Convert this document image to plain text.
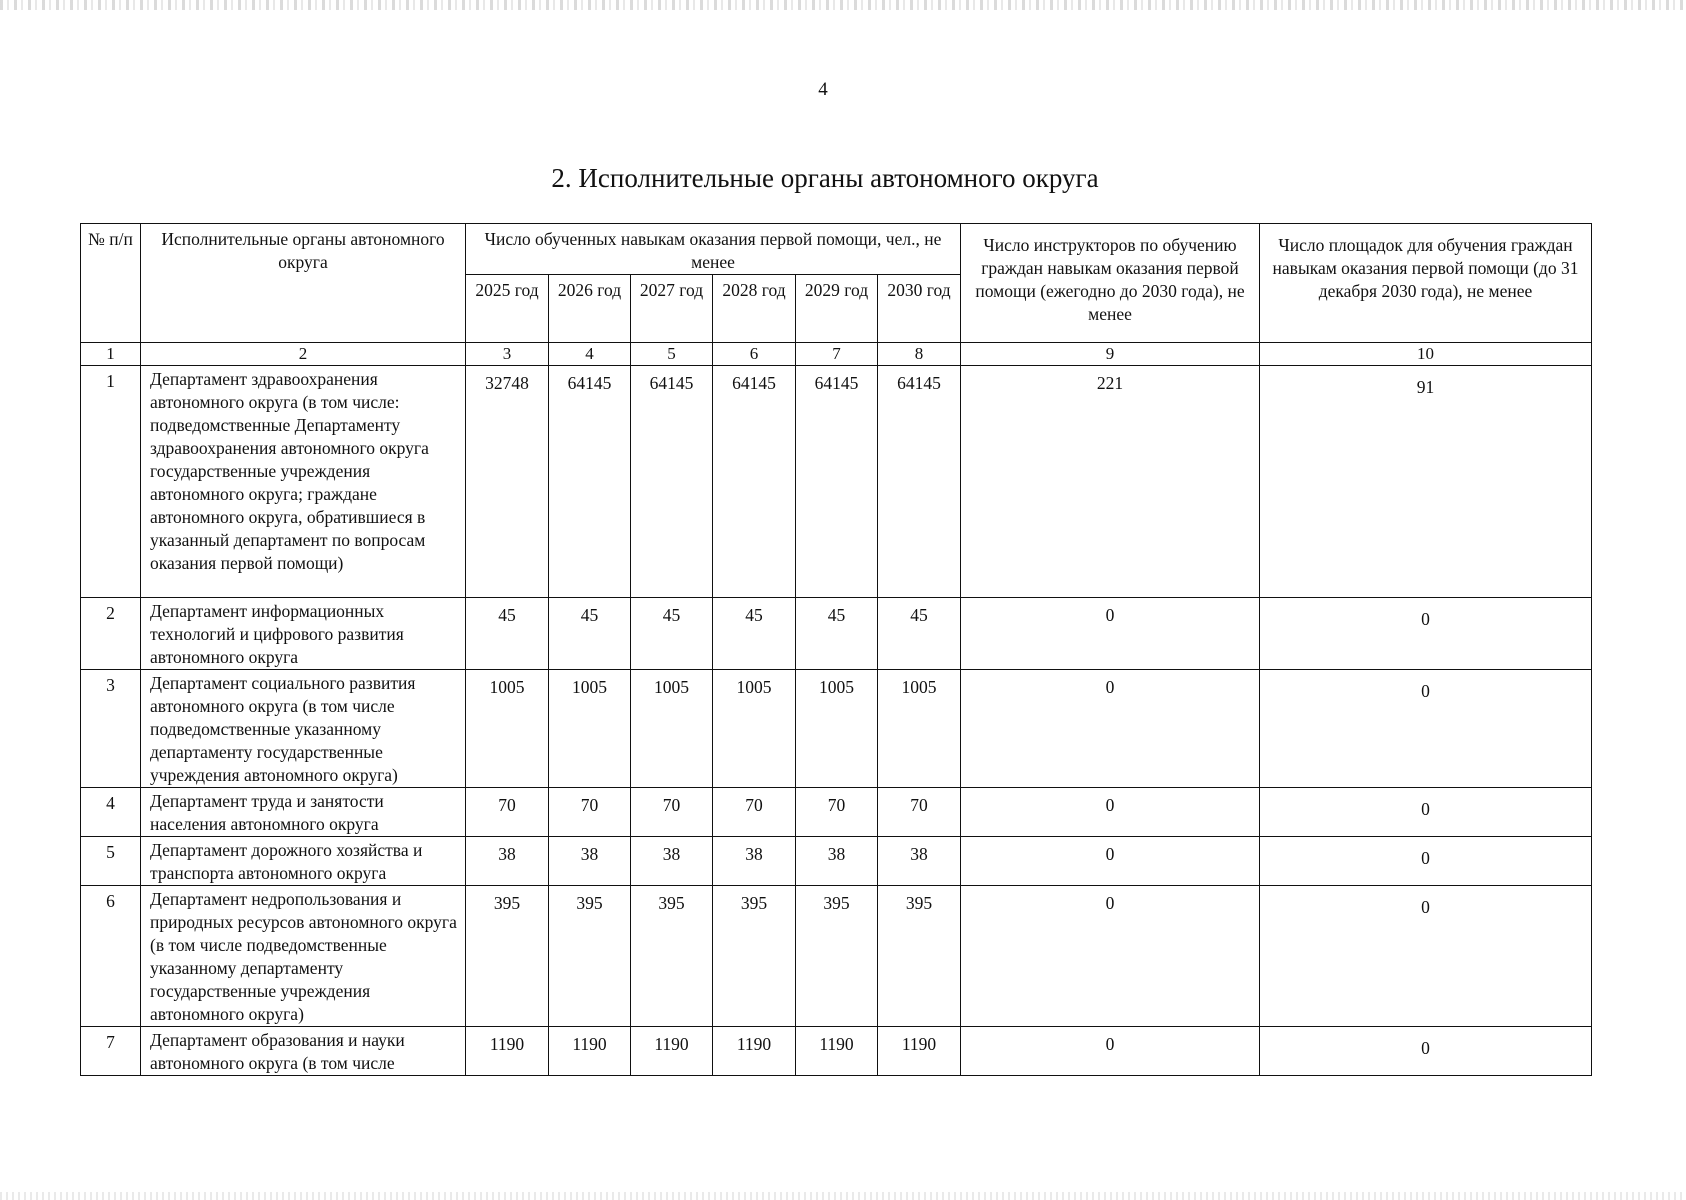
4
2. Исполнительные органы автономного округа
№ п/п	Исполнительные органы автономного округа	Число обученных навыкам оказания первой помощи, чел., не менее						Число инструкторов по обучению граждан навыкам оказания первой помощи (ежегодно до 2030 года), не менее	Число площадок для обучения граждан навыкам оказания первой помощи (до 31 декабря 2030 года), не менее
		2025 год	2026 год	2027 год	2028 год	2029 год	2030 год		
1	2	3	4	5	6	7	8	9	10
1	Департамент здравоохранения автономного округа (в том числе: подведомственные Департаменту здравоохранения автономного округа государственные учреждения автономного округа; граждане автономного округа, обратившиеся в указанный департамент по вопросам оказания первой помощи)	32748	64145	64145	64145	64145	64145	221	91
2	Департамент информационных технологий и цифрового развития автономного округа	45	45	45	45	45	45	0	0
3	Департамент социального развития автономного округа (в том числе подведомственные указанному департаменту государственные учреждения автономного округа)	1005	1005	1005	1005	1005	1005	0	0
4	Департамент труда и занятости населения автономного округа	70	70	70	70	70	70	0	0
5	Департамент дорожного хозяйства и транспорта автономного округа	38	38	38	38	38	38	0	0
6	Департамент недропользования и природных ресурсов автономного округа (в том числе подведомственные указанному департаменту государственные учреждения автономного округа)	395	395	395	395	395	395	0	0
7	Департамент образования и науки автономного округа (в том числе	1190	1190	1190	1190	1190	1190	0	0
